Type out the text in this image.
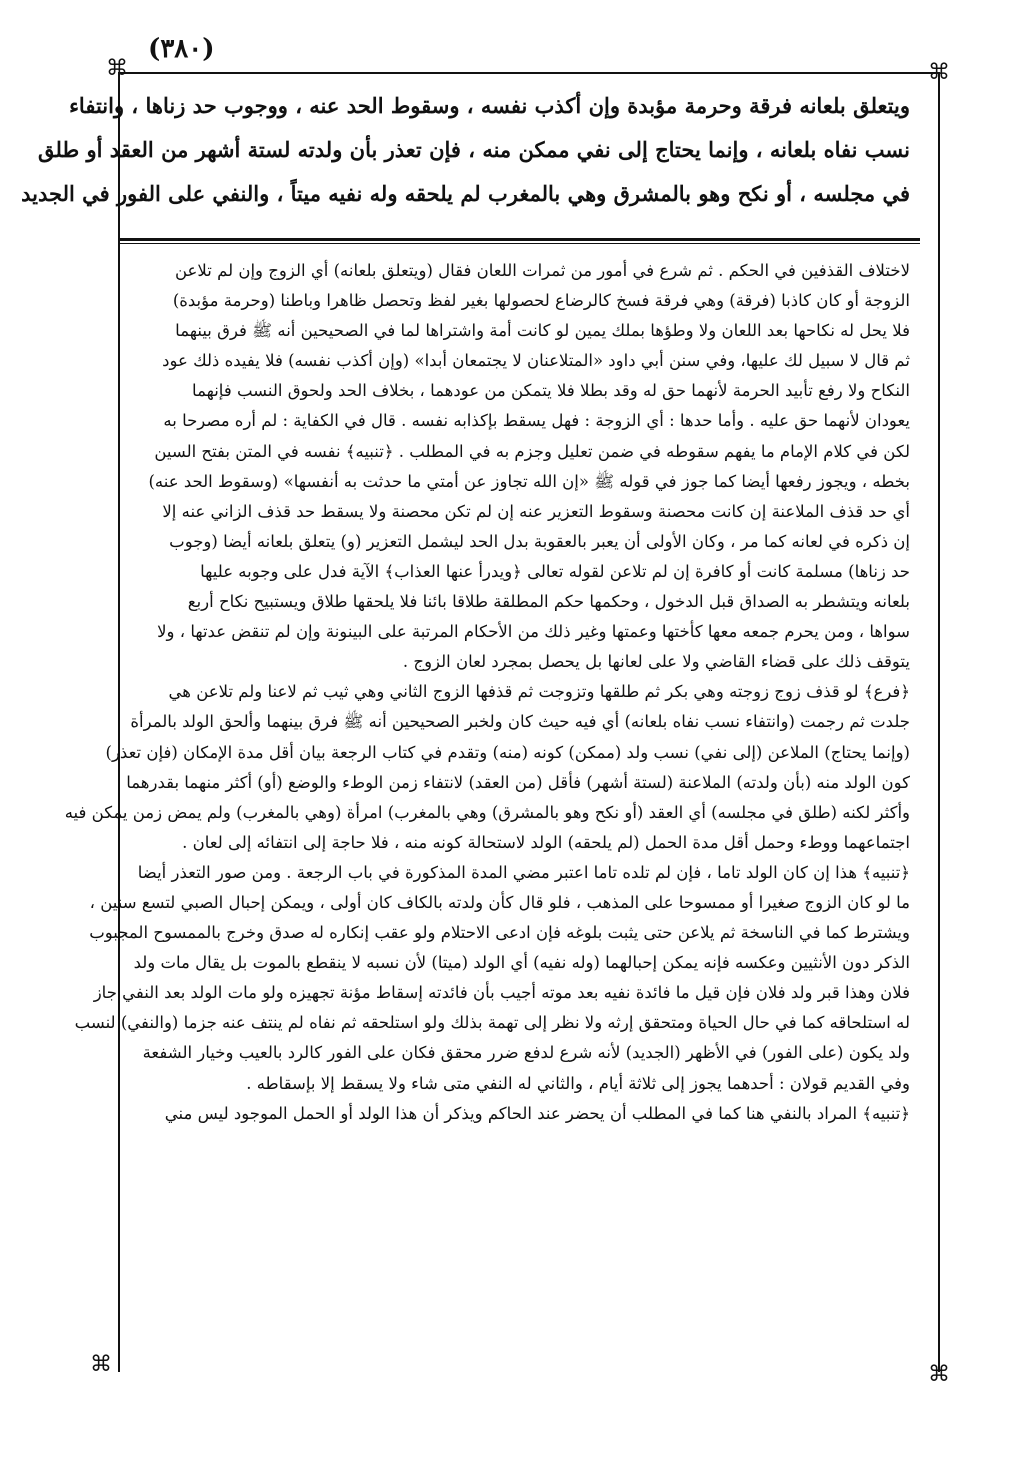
(٣٨٠)
⌘	⌘
⌘	⌘

ويتعلق بلعانه فرقة وحرمة مؤبدة وإن أكذب نفسه ، وسقوط الحد عنه ، ووجوب حد زناها ، وانتفاء

نسب نفاه بلعانه ، وإنما يحتاج إلى نفي ممكن منه ، فإن تعذر بأن ولدته لستة أشهر من العقد أو طلق

في مجلسه ، أو نكح وهو بالمشرق وهي بالمغرب لم يلحقه وله نفيه ميتاً ، والنفي على الفور في الجديد

لاختلاف القذفين في الحكم . ثم شرع في أمور من ثمرات اللعان فقال (ويتعلق بلعانه) أي الزوج وإن لم تلاعن

الزوجة أو كان كاذبا (فرقة) وهي فرقة فسخ كالرضاع لحصولها بغير لفظ وتحصل ظاهرا وباطنا (وحرمة مؤبدة)

فلا يحل له نكاحها بعد اللعان ولا وطؤها بملك يمين لو كانت أمة واشتراها لما في الصحيحين أنه ﷺ فرق بينهما

ثم قال لا سبيل لك عليها، وفي سنن أبي داود «المتلاعنان لا يجتمعان أبدا» (وإن أكذب نفسه) فلا يفيده ذلك عود

النكاح ولا رفع تأبيد الحرمة لأنهما حق له وقد بطلا فلا يتمكن من عودهما ، بخلاف الحد ولحوق النسب فإنهما

يعودان لأنهما حق عليه . وأما حدها : أي الزوجة : فهل يسقط بإكذابه نفسه . قال في الكفاية : لم أره مصرحا به

لكن في كلام الإمام ما يفهم سقوطه في ضمن تعليل وجزم به في المطلب . ﴿تنبيه﴾ نفسه في المتن بفتح السين

بخطه ، ويجوز رفعها أيضا كما جوز في قوله ﷺ «إن الله تجاوز عن أمتي ما حدثت به أنفسها» (وسقوط الحد عنه)

أي حد قذف الملاعنة إن كانت محصنة وسقوط التعزير عنه إن لم تكن محصنة ولا يسقط حد قذف الزاني عنه إلا

إن ذكره في لعانه كما مر ، وكان الأولى أن يعبر بالعقوبة بدل الحد ليشمل التعزير (و) يتعلق بلعانه أيضا (وجوب

حد زناها) مسلمة كانت أو كافرة إن لم تلاعن لقوله تعالى ﴿ويدرأ عنها العذاب﴾ الآية فدل على وجوبه عليها

بلعانه ويتشطر به الصداق قبل الدخول ، وحكمها حكم المطلقة طلاقا بائنا فلا يلحقها طلاق ويستبيح نكاح أربع

سواها ، ومن يحرم جمعه معها كأختها وعمتها وغير ذلك من الأحكام المرتبة على البينونة وإن لم تنقض عدتها ، ولا

يتوقف ذلك على قضاء القاضي ولا على لعانها بل يحصل بمجرد لعان الزوج .

﴿فرع﴾ لو قذف زوج زوجته وهي بكر ثم طلقها وتزوجت ثم قذفها الزوج الثاني وهي ثيب ثم لاعنا ولم تلاعن هي

جلدت ثم رجمت (وانتفاء نسب نفاه بلعانه) أي فيه حيث كان ولخبر الصحيحين أنه ﷺ فرق بينهما وألحق الولد بالمرأة

(وإنما يحتاج) الملاعن (إلى نفي) نسب ولد (ممكن) كونه (منه) وتقدم في كتاب الرجعة بيان أقل مدة الإمكان (فإن تعذر)

كون الولد منه (بأن ولدته) الملاعنة (لستة أشهر) فأقل (من العقد) لانتفاء زمن الوطء والوضع (أو) أكثر منهما بقدرهما

وأكثر لكنه (طلق في مجلسه) أي العقد (أو نكح وهو بالمشرق) وهي بالمغرب) امرأة (وهي بالمغرب) ولم يمض زمن يمكن فيه

اجتماعهما ووطء وحمل أقل مدة الحمل (لم يلحقه) الولد لاستحالة كونه منه ، فلا حاجة إلى انتفائه إلى لعان .

﴿تنبيه﴾ هذا إن كان الولد تاما ، فإن لم تلده تاما اعتبر مضي المدة المذكورة في باب الرجعة . ومن صور التعذر أيضا

ما لو كان الزوج صغيرا أو ممسوحا على المذهب ، فلو قال كأن ولدته بالكاف كان أولى ، ويمكن إحبال الصبي لتسع سنين ،

ويشترط كما في الناسخة ثم يلاعن حتى يثبت بلوغه فإن ادعى الاحتلام ولو عقب إنكاره له صدق وخرج بالممسوح المجبوب

الذكر دون الأنثيين وعكسه فإنه يمكن إحبالهما (وله نفيه) أي الولد (ميتا) لأن نسبه لا ينقطع بالموت بل يقال مات ولد

فلان وهذا قبر ولد فلان فإن قيل ما فائدة نفيه بعد موته أجيب بأن فائدته إسقاط مؤنة تجهيزه ولو مات الولد بعد النفي جاز

له استلحاقه كما في حال الحياة ومتحقق إرثه ولا نظر إلى تهمة بذلك ولو استلحقه ثم نفاه لم ينتف عنه جزما (والنفي) لنسب

ولد يكون (على الفور) في الأظهر (الجديد) لأنه شرع لدفع ضرر محقق فكان على الفور كالرد بالعيب وخيار الشفعة

وفي القديم قولان : أحدهما يجوز إلى ثلاثة أيام ، والثاني له النفي متى شاء ولا يسقط إلا بإسقاطه .

﴿تنبيه﴾ المراد بالنفي هنا كما في المطلب أن يحضر عند الحاكم ويذكر أن هذا الولد أو الحمل الموجود ليس مني
